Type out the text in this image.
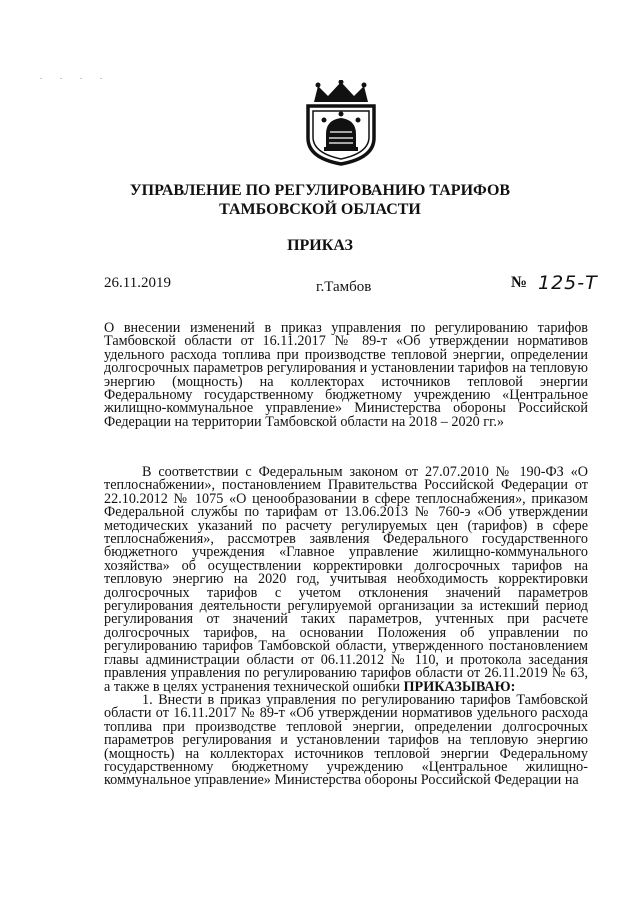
. . . .
УПРАВЛЕНИЕ ПО РЕГУЛИРОВАНИЮ ТАРИФОВ
ТАМБОВСКОЙ ОБЛАСТИ
ПРИКАЗ
26.11.2019	г.Тамбов	№ 125-Т
О внесении изменений в приказ управления по регулированию тарифов Тамбовской области от 16.11.2017 № 89-т «Об утверждении нормативов удельного расхода топлива при производстве тепловой энергии, определении долгосрочных параметров регулирования и установлении тарифов на тепловую энергию (мощность) на коллекторах источников тепловой энергии Федеральному государственному бюджетному учреждению «Центральное жилищно-коммунальное управление» Министерства обороны Российской Федерации на территории Тамбовской области на 2018 – 2020 гг.»

В соответствии с Федеральным законом от 27.07.2010 № 190-ФЗ «О теплоснабжении», постановлением Правительства Российской Федерации от 22.10.2012 № 1075 «О ценообразовании в сфере теплоснабжения», приказом Федеральной службы по тарифам от 13.06.2013 № 760-э «Об утверждении методических указаний по расчету регулируемых цен (тарифов) в сфере теплоснабжения», рассмотрев заявления Федерального государственного бюджетного учреждения «Главное управление жилищно-коммунального хозяйства» об осуществлении корректировки долгосрочных тарифов на тепловую энергию на 2020 год, учитывая необходимость корректировки долгосрочных тарифов с учетом отклонения значений параметров регулирования деятельности регулируемой организации за истекший период регулирования от значений таких параметров, учтенных при расчете долгосрочных тарифов, на основании Положения об управлении по регулированию тарифов Тамбовской области, утвержденного постановлением главы администрации области от 06.11.2012 № 110, и протокола заседания правления управления по регулированию тарифов области от 26.11.2019 № 63, а также в целях устранения технической ошибки ПРИКАЗЫВАЮ:

1. Внести в приказ управления по регулированию тарифов Тамбовской области от 16.11.2017 № 89-т «Об утверждении нормативов удельного расхода топлива при производстве тепловой энергии, определении долгосрочных параметров регулирования и установлении тарифов на тепловую энергию (мощность) на коллекторах источников тепловой энергии Федеральному государственному бюджетному учреждению «Центральное жилищно-коммунальное управление» Министерства обороны Российской Федерации на
